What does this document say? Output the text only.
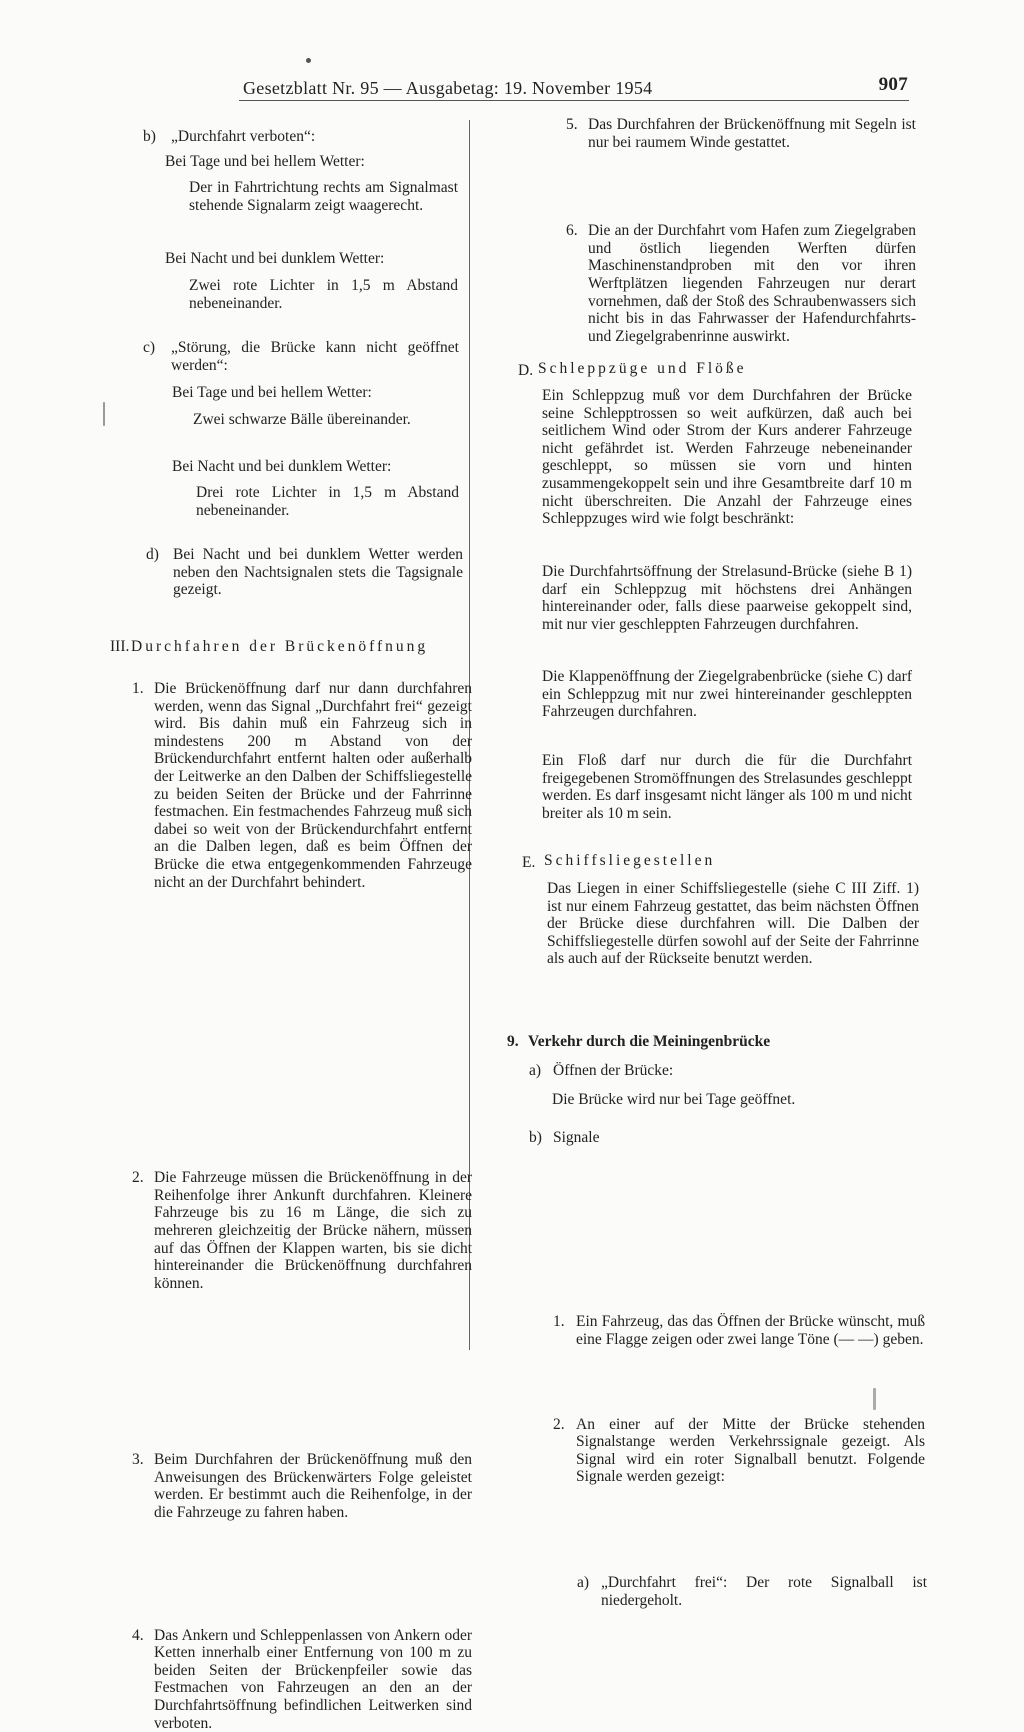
Gesetzblatt Nr. 95 — Ausgabetag: 19. November 1954	907
b) „Durchfahrt verboten“:

Bei Tage und bei hellem Wetter:

Der in Fahrtrichtung rechts am Signalmast stehende Signalarm zeigt waagerecht.

Bei Nacht und bei dunklem Wetter:

Zwei rote Lichter in 1,5 m Abstand nebeneinander.

c) „Störung, die Brücke kann nicht geöffnet werden“:

Bei Tage und bei hellem Wetter:

Zwei schwarze Bälle übereinander.

Bei Nacht und bei dunklem Wetter:

Drei rote Lichter in 1,5 m Abstand nebeneinander.

d) Bei Nacht und bei dunklem Wetter werden neben den Nachtsignalen stets die Tagsignale gezeigt.

III. Durchfahren der Brückenöffnung

1. Die Brückenöffnung darf nur dann durchfahren werden, wenn das Signal „Durchfahrt frei“ gezeigt wird. Bis dahin muß ein Fahrzeug sich in mindestens 200 m Abstand von der Brückendurchfahrt entfernt halten oder außerhalb der Leitwerke an den Dalben der Schiffsliegestelle zu beiden Seiten der Brücke und der Fahrrinne festmachen. Ein festmachendes Fahrzeug muß sich dabei so weit von der Brückendurchfahrt entfernt an die Dalben legen, daß es beim Öffnen der Brücke die etwa entgegenkommenden Fahrzeuge nicht an der Durchfahrt behindert.

2. Die Fahrzeuge müssen die Brückenöffnung in der Reihenfolge ihrer Ankunft durchfahren. Kleinere Fahrzeuge bis zu 16 m Länge, die sich zu mehreren gleichzeitig der Brücke nähern, müssen auf das Öffnen der Klappen warten, bis sie dicht hintereinander die Brückenöffnung durchfahren können.

3. Beim Durchfahren der Brückenöffnung muß den Anweisungen des Brückenwärters Folge geleistet werden. Er bestimmt auch die Reihenfolge, in der die Fahrzeuge zu fahren haben.

4. Das Ankern und Schleppenlassen von Ankern oder Ketten innerhalb einer Entfernung von 100 m zu beiden Seiten der Brückenpfeiler sowie das Festmachen von Fahrzeugen an den an der Durchfahrtsöffnung befindlichen Leitwerken sind verboten.

5. Das Durchfahren der Brückenöffnung mit Segeln ist nur bei raumem Winde gestattet.

6. Die an der Durchfahrt vom Hafen zum Ziegelgraben und östlich liegenden Werften dürfen Maschinenstandproben mit den vor ihren Werftplätzen liegenden Fahrzeugen nur derart vornehmen, daß der Stoß des Schraubenwassers sich nicht bis in das Fahrwasser der Hafendurchfahrts- und Ziegelgrabenrinne auswirkt.

D. Schleppzüge und Flöße

Ein Schleppzug muß vor dem Durchfahren der Brücke seine Schlepptrossen so weit aufkürzen, daß auch bei seitlichem Wind oder Strom der Kurs anderer Fahrzeuge nicht gefährdet ist. Werden Fahrzeuge nebeneinander geschleppt, so müssen sie vorn und hinten zusammengekoppelt sein und ihre Gesamtbreite darf 10 m nicht überschreiten. Die Anzahl der Fahrzeuge eines Schleppzuges wird wie folgt beschränkt:

Die Durchfahrtsöffnung der Strelasund-Brücke (siehe B 1) darf ein Schleppzug mit höchstens drei Anhängen hintereinander oder, falls diese paarweise gekoppelt sind, mit nur vier geschleppten Fahrzeugen durchfahren.

Die Klappenöffnung der Ziegelgrabenbrücke (siehe C) darf ein Schleppzug mit nur zwei hintereinander geschleppten Fahrzeugen durchfahren.

Ein Floß darf nur durch die für die Durchfahrt freigegebenen Stromöffnungen des Strelasundes geschleppt werden. Es darf insgesamt nicht länger als 100 m und nicht breiter als 10 m sein.

E. Schiffsliegestellen

Das Liegen in einer Schiffsliegestelle (siehe C III Ziff. 1) ist nur einem Fahrzeug gestattet, das beim nächsten Öffnen der Brücke diese durchfahren will. Die Dalben der Schiffsliegestelle dürfen sowohl auf der Seite der Fahrrinne als auch auf der Rückseite benutzt werden.

9. Verkehr durch die Meiningenbrücke

a) Öffnen der Brücke:

Die Brücke wird nur bei Tage geöffnet.

b) Signale

1. Ein Fahrzeug, das das Öffnen der Brücke wünscht, muß eine Flagge zeigen oder zwei lange Töne (— —) geben.

2. An einer auf der Mitte der Brücke stehenden Signalstange werden Verkehrssignale gezeigt. Als Signal wird ein roter Signalball benutzt. Folgende Signale werden gezeigt:

a) „Durchfahrt frei“: Der rote Signalball ist niedergeholt.
